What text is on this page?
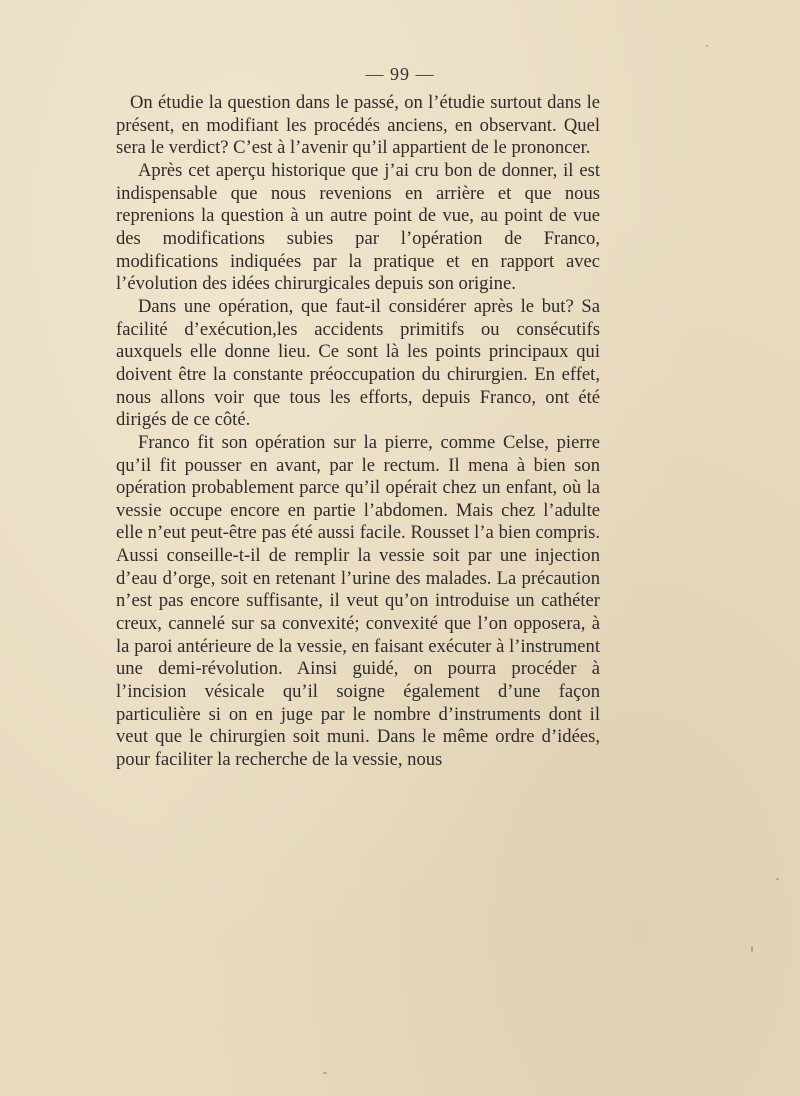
— 99 —

On étudie la question dans le passé, on l’étudie surtout dans le présent, en modifiant les procédés anciens, en observant. Quel sera le verdict? C’est à l’avenir qu’il appartient de le prononcer.

Après cet aperçu historique que j’ai cru bon de donner, il est indispensable que nous revenions en arrière et que nous reprenions la question à un autre point de vue, au point de vue des modifications subies par l’opération de Franco, modifications indiquées par la pratique et en rapport avec l’évolution des idées chirurgicales depuis son origine.

Dans une opération, que faut-il considérer après le but? Sa facilité d’exécution,les accidents primitifs ou consécutifs auxquels elle donne lieu. Ce sont là les points principaux qui doivent être la constante préoccupation du chirurgien. En effet, nous allons voir que tous les efforts, depuis Franco, ont été dirigés de ce côté.

Franco fit son opération sur la pierre, comme Celse, pierre qu’il fit pousser en avant, par le rectum. Il mena à bien son opération probablement parce qu’il opérait chez un enfant, où la vessie occupe encore en partie l’abdomen. Mais chez l’adulte elle n’eut peut-être pas été aussi facile. Rousset l’a bien compris. Aussi conseille-t-il de remplir la vessie soit par une injection d’eau d’orge, soit en retenant l’urine des malades. La précaution n’est pas encore suffisante, il veut qu’on introduise un cathéter creux, cannelé sur sa convexité; convexité que l’on opposera, à la paroi antérieure de la vessie, en faisant exécuter à l’instrument une demi-révolution. Ainsi guidé, on pourra procéder à l’incision vésicale qu’il soigne également d’une façon particulière si on en juge par le nombre d’instruments dont il veut que le chirurgien soit muni. Dans le même ordre d’idées, pour faciliter la recherche de la vessie, nous
